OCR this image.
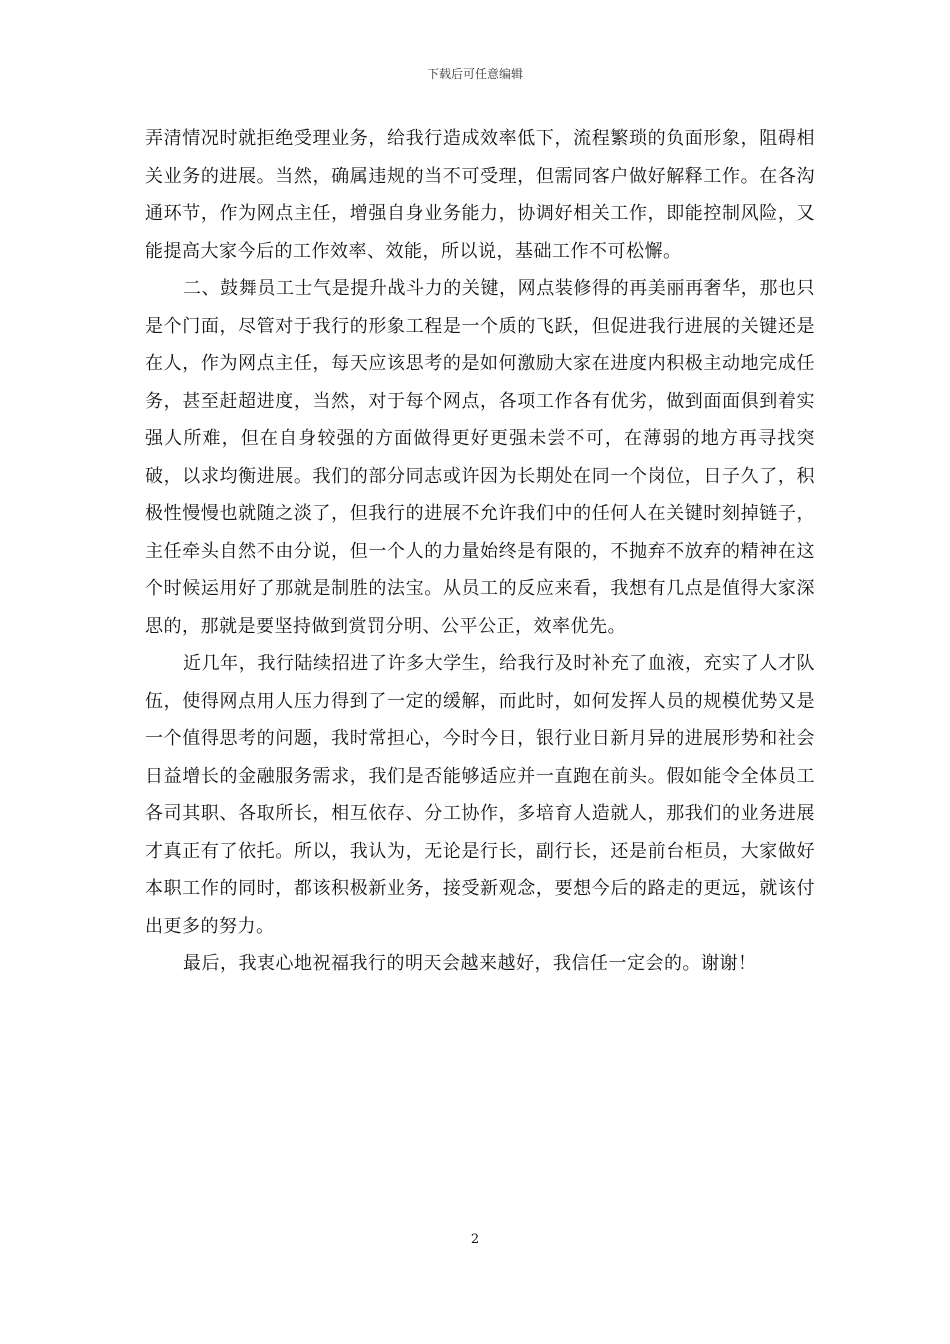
下载后可任意编辑

弄清情况时就拒绝受理业务，给我行造成效率低下，流程繁琐的负面形象，阻碍相关业务的进展。当然，确属违规的当不可受理，但需同客户做好解释工作。在各沟通环节，作为网点主任，增强自身业务能力，协调好相关工作，即能控制风险，又能提高大家今后的工作效率、效能，所以说，基础工作不可松懈。

二、鼓舞员工士气是提升战斗力的关键，网点装修得的再美丽再奢华，那也只是个门面，尽管对于我行的形象工程是一个质的飞跃，但促进我行进展的关键还是在人，作为网点主任，每天应该思考的是如何激励大家在进度内积极主动地完成任务，甚至赶超进度，当然，对于每个网点，各项工作各有优劣，做到面面俱到着实强人所难，但在自身较强的方面做得更好更强未尝不可，在薄弱的地方再寻找突破，以求均衡进展。我们的部分同志或许因为长期处在同一个岗位，日子久了，积极性慢慢也就随之淡了，但我行的进展不允许我们中的任何人在关键时刻掉链子，主任牵头自然不由分说，但一个人的力量始终是有限的，不抛弃不放弃的精神在这个时候运用好了那就是制胜的法宝。从员工的反应来看，我想有几点是值得大家深思的，那就是要坚持做到赏罚分明、公平公正，效率优先。

近几年，我行陆续招进了许多大学生，给我行及时补充了血液，充实了人才队伍，使得网点用人压力得到了一定的缓解，而此时，如何发挥人员的规模优势又是一个值得思考的问题，我时常担心，今时今日，银行业日新月异的进展形势和社会日益增长的金融服务需求，我们是否能够适应并一直跑在前头。假如能令全体员工各司其职、各取所长，相互依存、分工协作，多培育人造就人，那我们的业务进展才真正有了依托。所以，我认为，无论是行长，副行长，还是前台柜员，大家做好本职工作的同时，都该积极新业务，接受新观念，要想今后的路走的更远，就该付出更多的努力。

最后，我衷心地祝福我行的明天会越来越好，我信任一定会的。谢谢！

2
